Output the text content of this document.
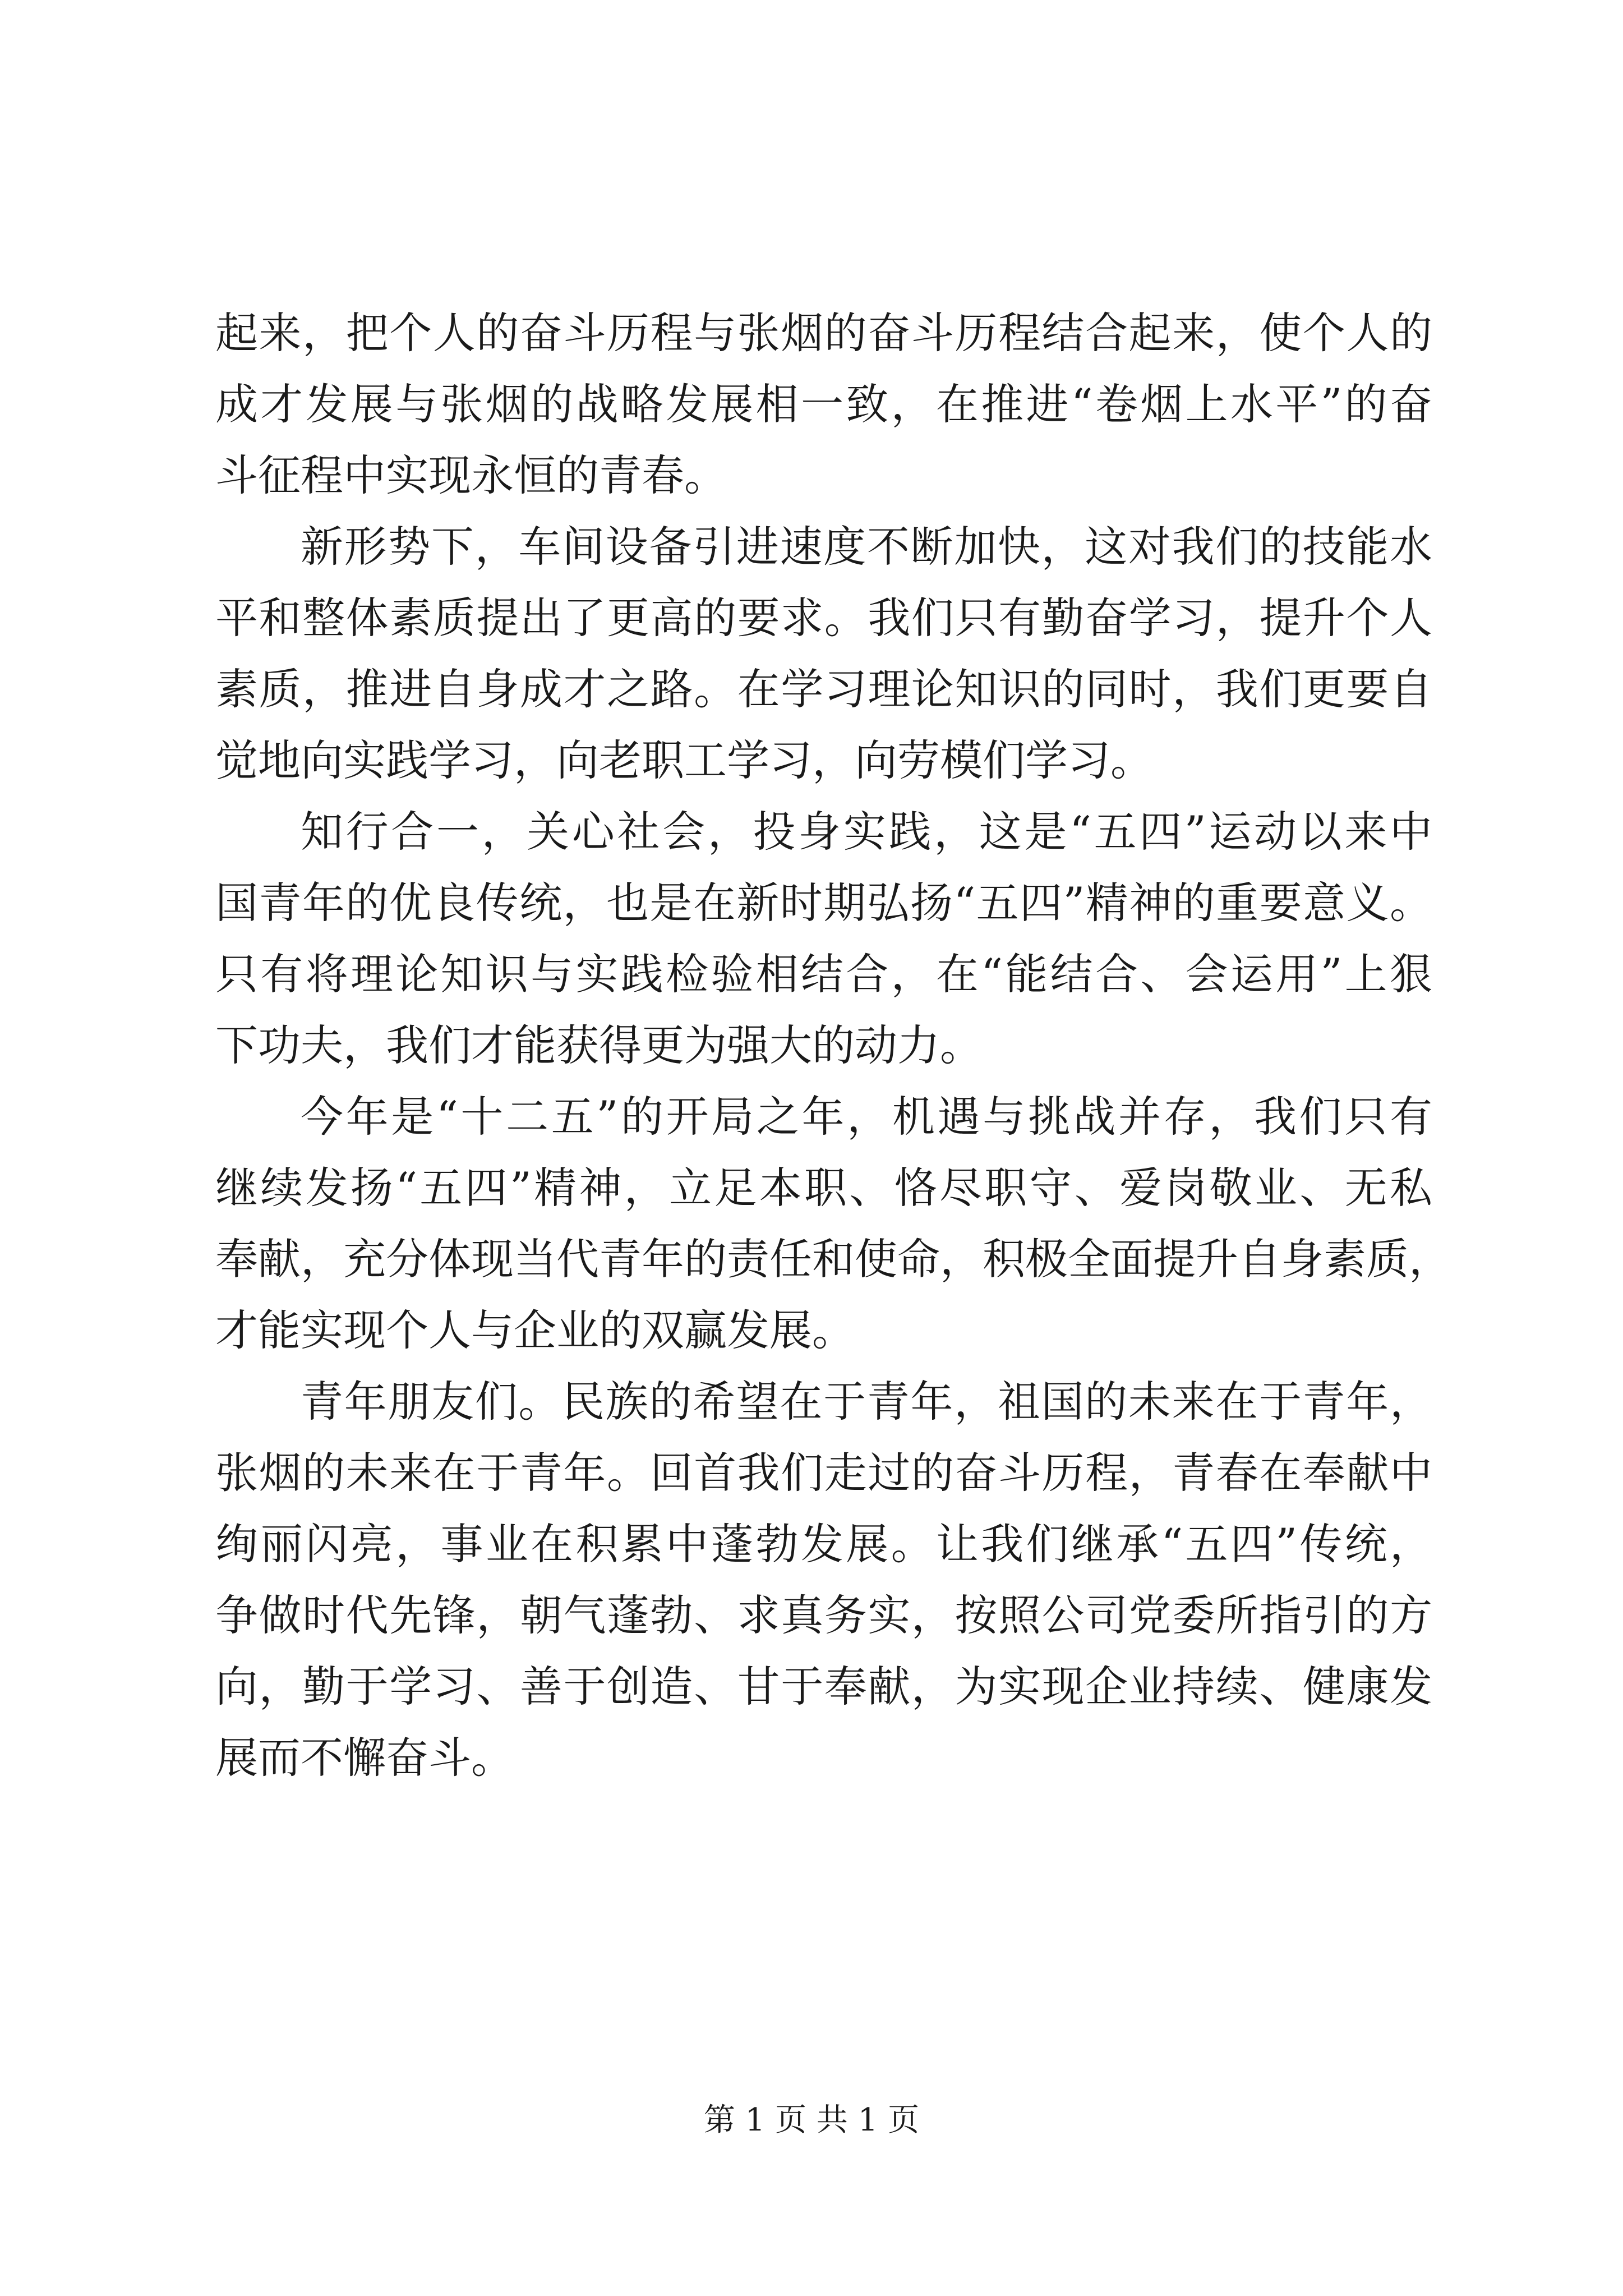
起来，把个人的奋斗历程与张烟的奋斗历程结合起来，使个人的
成才发展与张烟的战略发展相一致，在推进“卷烟上水平”的奋
斗征程中实现永恒的青春。

新形势下，车间设备引进速度不断加快，这对我们的技能水
平和整体素质提出了更高的要求。我们只有勤奋学习，提升个人
素质，推进自身成才之路。在学习理论知识的同时，我们更要自
觉地向实践学习，向老职工学习，向劳模们学习。

知行合一，关心社会，投身实践，这是“五四”运动以来中
国青年的优良传统，也是在新时期弘扬“五四”精神的重要意义。
只有将理论知识与实践检验相结合，在“能结合、会运用”上狠
下功夫，我们才能获得更为强大的动力。

今年是“十二五”的开局之年，机遇与挑战并存，我们只有
继续发扬“五四”精神，立足本职、恪尽职守、爱岗敬业、无私
奉献，充分体现当代青年的责任和使命，积极全面提升自身素质，
才能实现个人与企业的双赢发展。

青年朋友们。民族的希望在于青年，祖国的未来在于青年，
张烟的未来在于青年。回首我们走过的奋斗历程，青春在奉献中
绚丽闪亮，事业在积累中蓬勃发展。让我们继承“五四”传统，
争做时代先锋，朝气蓬勃、求真务实，按照公司党委所指引的方
向，勤于学习、善于创造、甘于奉献，为实现企业持续、健康发
展而不懈奋斗。

第 1 页 共 1 页
